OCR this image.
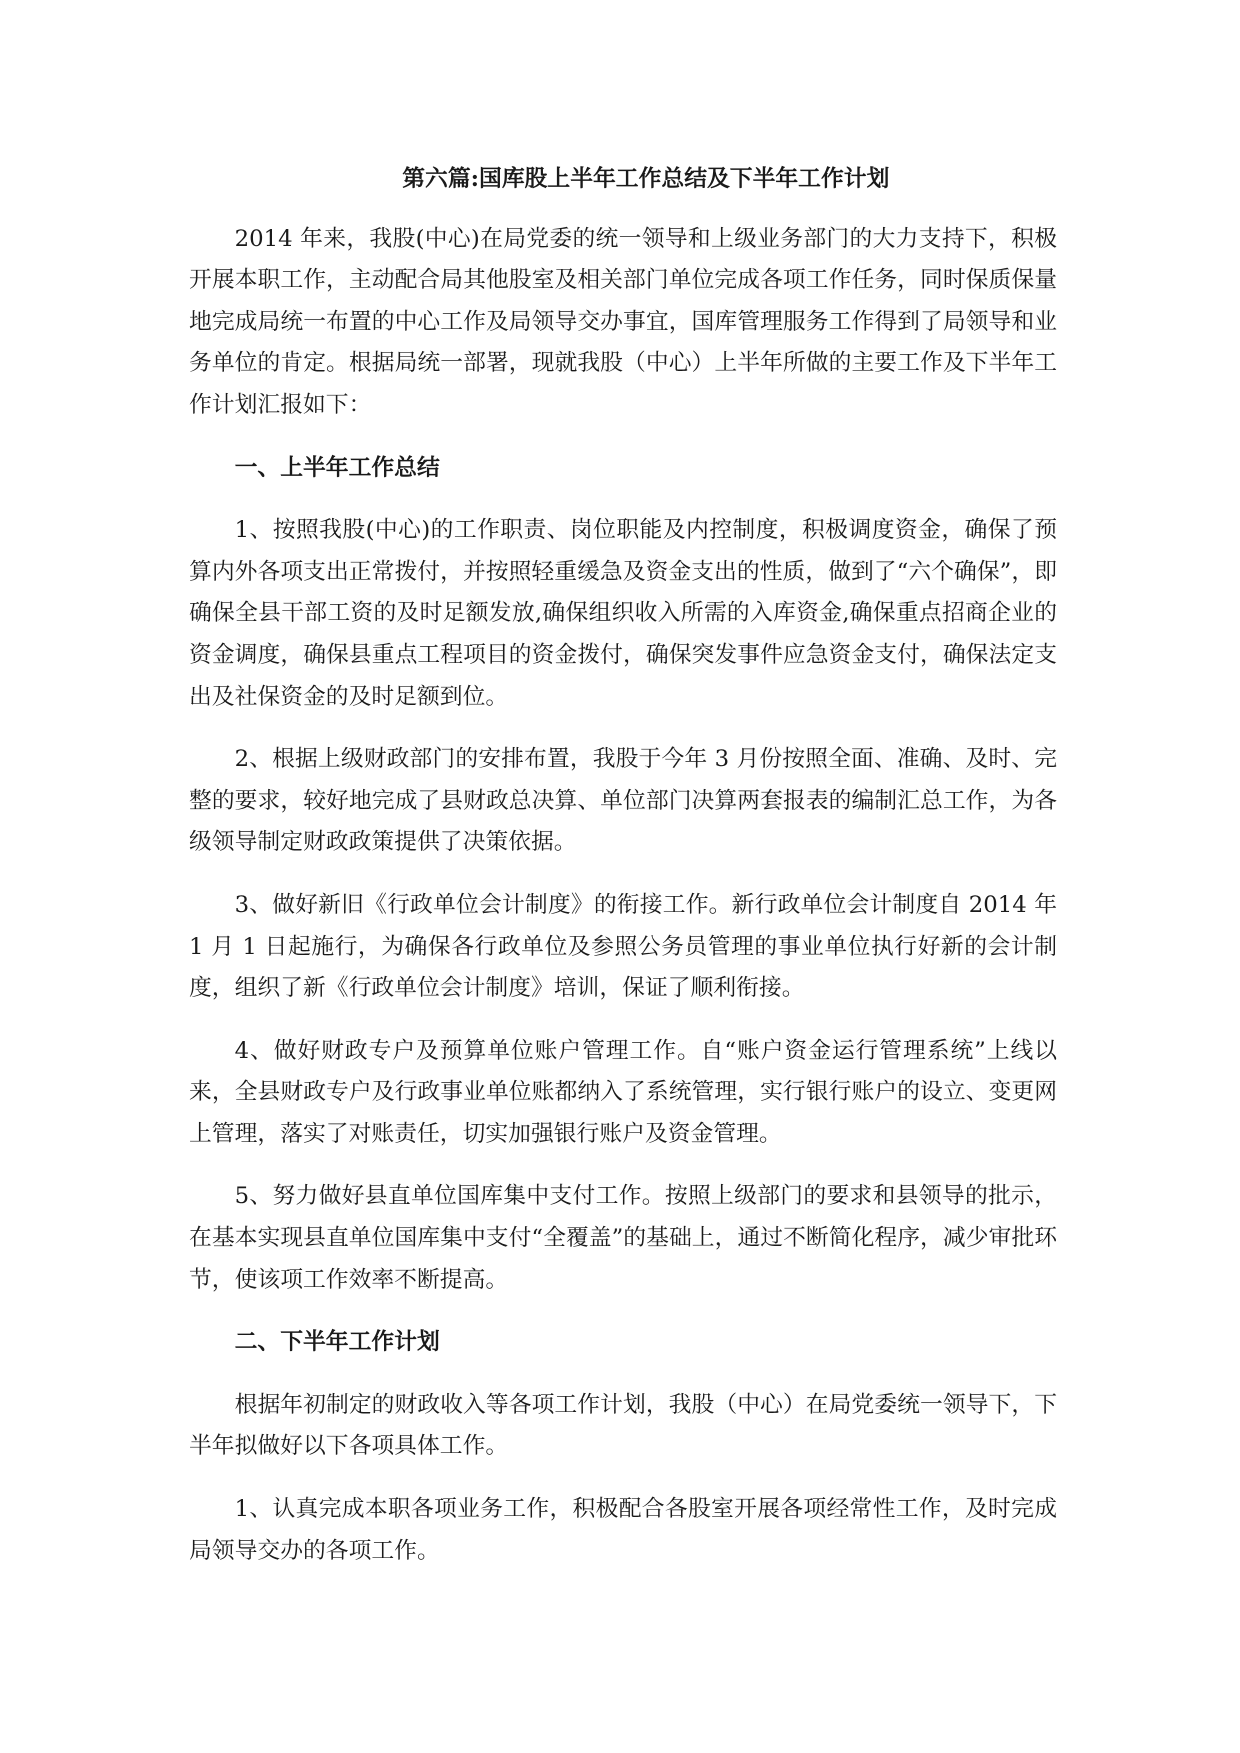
第六篇:国库股上半年工作总结及下半年工作计划

2014 年来，我股(中心)在局党委的统一领导和上级业务部门的大力支持下，积极开展本职工作，主动配合局其他股室及相关部门单位完成各项工作任务，同时保质保量地完成局统一布置的中心工作及局领导交办事宜，国库管理服务工作得到了局领导和业务单位的肯定。根据局统一部署，现就我股（中心）上半年所做的主要工作及下半年工作计划汇报如下：

一、上半年工作总结

1、按照我股(中心)的工作职责、岗位职能及内控制度，积极调度资金，确保了预算内外各项支出正常拨付，并按照轻重缓急及资金支出的性质，做到了“六个确保”，即确保全县干部工资的及时足额发放,确保组织收入所需的入库资金,确保重点招商企业的资金调度，确保县重点工程项目的资金拨付，确保突发事件应急资金支付，确保法定支出及社保资金的及时足额到位。

2、根据上级财政部门的安排布置，我股于今年 3 月份按照全面、准确、及时、完整的要求，较好地完成了县财政总决算、单位部门决算两套报表的编制汇总工作，为各级领导制定财政政策提供了决策依据。

3、做好新旧《行政单位会计制度》的衔接工作。新行政单位会计制度自 2014 年 1 月 1 日起施行，为确保各行政单位及参照公务员管理的事业单位执行好新的会计制度，组织了新《行政单位会计制度》培训，保证了顺利衔接。

4、做好财政专户及预算单位账户管理工作。自“账户资金运行管理系统”上线以来，全县财政专户及行政事业单位账都纳入了系统管理，实行银行账户的设立、变更网上管理，落实了对账责任，切实加强银行账户及资金管理。

5、努力做好县直单位国库集中支付工作。按照上级部门的要求和县领导的批示，在基本实现县直单位国库集中支付“全覆盖”的基础上，通过不断简化程序，减少审批环节，使该项工作效率不断提高。

二、下半年工作计划

根据年初制定的财政收入等各项工作计划，我股（中心）在局党委统一领导下，下半年拟做好以下各项具体工作。

1、认真完成本职各项业务工作，积极配合各股室开展各项经常性工作，及时完成局领导交办的各项工作。
